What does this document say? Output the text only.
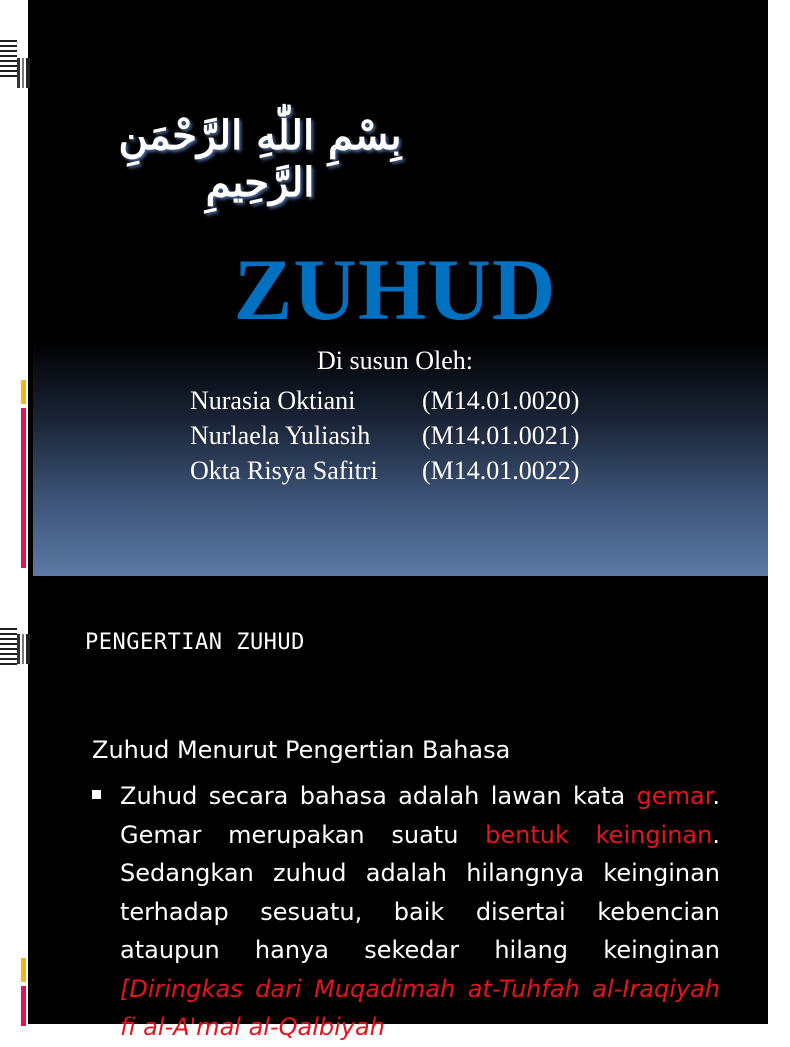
بِسْمِ اللّٰهِ الرَّحْمَنِ الرَّحِيمِ
ZUHUD
Di susun Oleh:
Nurasia Oktiani	(M14.01.0020)
Nurlaela Yuliasih (M14.01.0021)
Okta Risya Safitri (M14.01.0022)
PENGERTIAN ZUHUD
Zuhud Menurut Pengertian Bahasa
Zuhud secara bahasa adalah lawan kata gemar. Gemar merupakan suatu bentuk keinginan. Sedangkan zuhud adalah hilangnya keinginan terhadap sesuatu, baik disertai kebencian ataupun hanya sekedar hilang keinginan [Diringkas dari Muqadimah at-Tuhfah al-Iraqiyah fi al-A'mal al-Qalbiyah
